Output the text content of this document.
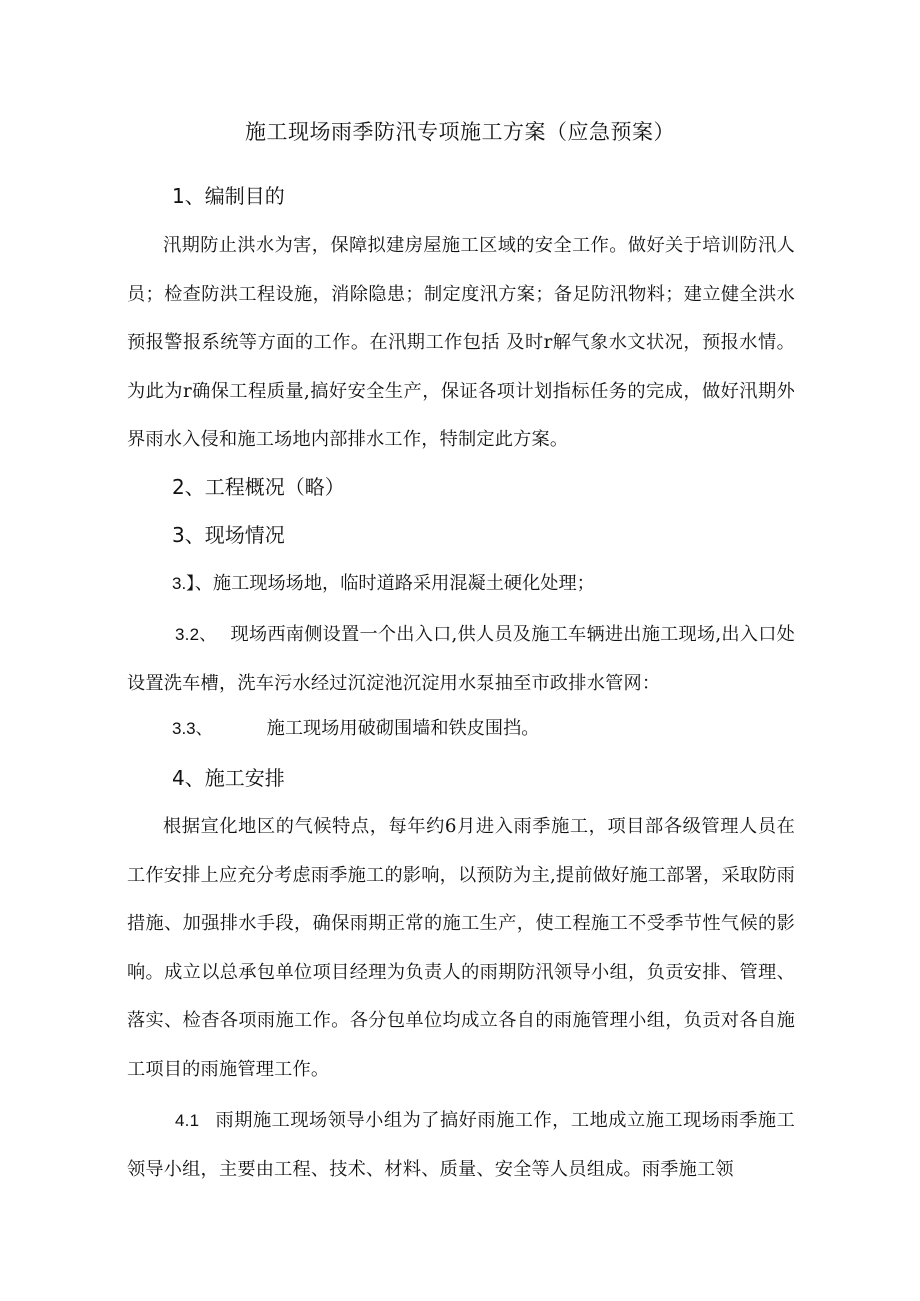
施工现场雨季防汛专项施工方案（应急预案）
1、编制目的
汛期防止洪水为害，保障拟建房屋施工区域的安全工作。做好关于培训防汛人员；检查防洪工程设施，消除隐患；制定度汛方案；备足防汛物料；建立健全洪水预报警报系统等方面的工作。在汛期工作包括 及时r解气象水文状况，预报水情。为此为r确保工程质量,搞好安全生产，保证各项计划指标任务的完成，做好汛期外界雨水入侵和施工场地内部排水工作，特制定此方案。
2、工程概况（略）
3、现场情况
3.】、施工现场场地，临时道路采用混凝土硬化处理；
3.2、 现场西南侧设置一个出入口,供人员及施工车辆进出施工现场,出入口处设置洗车槽，洗车污水经过沉淀池沉淀用水泵抽至市政排水管网：
3.3、	施工现场用破砌围墙和铁皮围挡。
4、施工安排
根据宣化地区的气候特点，每年约6月进入雨季施工，项目部各级管理人员在工作安排上应充分考虑雨季施工的影响，以预防为主,提前做好施工部署，采取防雨措施、加强排水手段，确保雨期正常的施工生产，使工程施工不受季节性气候的影响。成立以总承包单位项目经理为负责人的雨期防汛领导小组，负贡安排、管理、落实、检杳各项雨施工作。各分包单位均成立各自的雨施管理小组，负贡对各自施工项目的雨施管理工作。
4.1 雨期施工现场领导小组为了搞好雨施工作，工地成立施工现场雨季施工领导小组，主要由工程、技术、材料、质量、安全等人员组成。雨季施工领
